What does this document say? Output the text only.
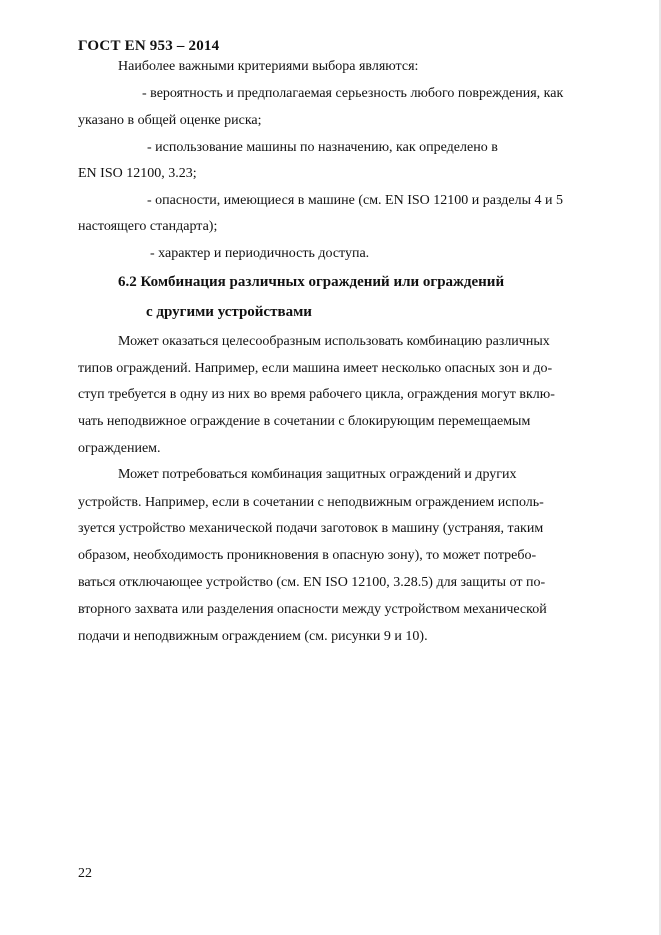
ГОСТ EN 953 – 2014
Наиболее важными критериями выбора являются:
- вероятность и предполагаемая серьезность любого повреждения, как
указано в общей оценке риска;
- использование машины по назначению, как определено в
EN ISO 12100, 3.23;
- опасности, имеющиеся в машине (см. EN ISO 12100 и разделы 4 и 5
настоящего стандарта);
- характер и периодичность доступа.
6.2 Комбинация различных ограждений или ограждений
с другими устройствами
Может оказаться целесообразным использовать комбинацию различных
типов ограждений. Например, если машина имеет несколько опасных зон и до-
ступ требуется в одну из них во время рабочего цикла, ограждения могут вклю-
чать неподвижное ограждение в сочетании с блокирующим перемещаемым
ограждением.
Может потребоваться комбинация защитных ограждений и других
устройств. Например, если в сочетании с неподвижным ограждением исполь-
зуется устройство механической подачи заготовок в машину (устраняя, таким
образом, необходимость проникновения в опасную зону), то может потребо-
ваться отключающее устройство (см. EN ISO 12100, 3.28.5) для защиты от по-
вторного захвата или разделения опасности между устройством механической
подачи и неподвижным ограждением (см. рисунки 9 и 10).
22
